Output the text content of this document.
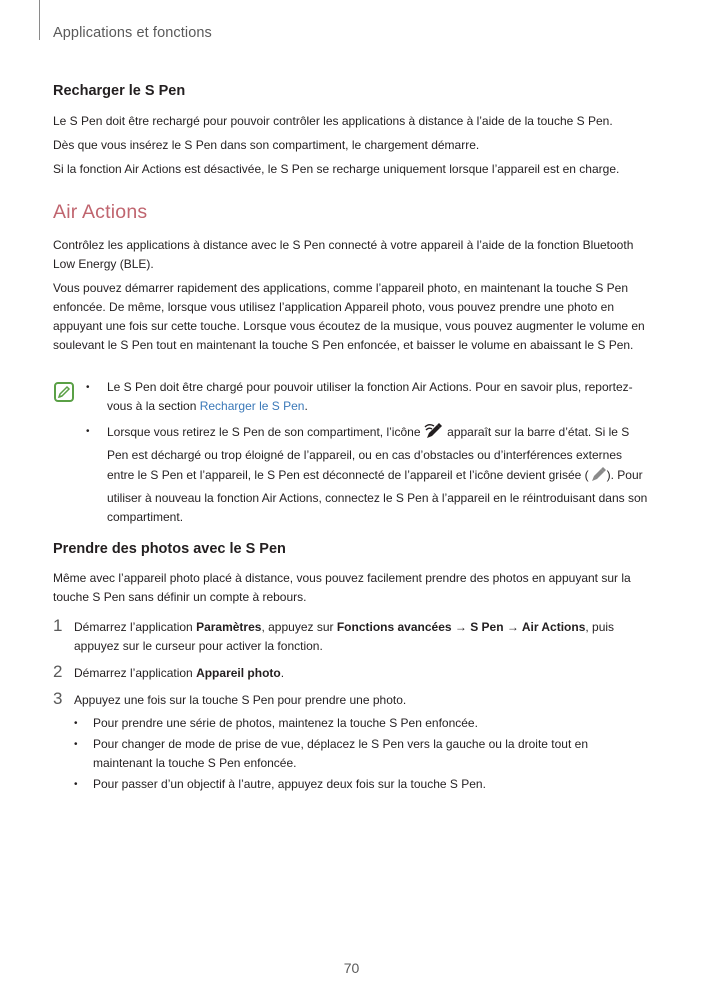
Applications et fonctions
Recharger le S Pen

Le S Pen doit être rechargé pour pouvoir contrôler les applications à distance à l’aide de la touche S Pen.

Dès que vous insérez le S Pen dans son compartiment, le chargement démarre.

Si la fonction Air Actions est désactivée, le S Pen se recharge uniquement lorsque l’appareil est en charge.

Air Actions

Contrôlez les applications à distance avec le S Pen connecté à votre appareil à l’aide de la fonction Bluetooth Low Energy (BLE).

Vous pouvez démarrer rapidement des applications, comme l’appareil photo, en maintenant la touche S Pen enfoncée. De même, lorsque vous utilisez l’application Appareil photo, vous pouvez prendre une photo en appuyant une fois sur cette touche. Lorsque vous écoutez de la musique, vous pouvez augmenter le volume en soulevant le S Pen tout en maintenant la touche S Pen enfoncée, et baisser le volume en abaissant le S Pen.

• Le S Pen doit être chargé pour pouvoir utiliser la fonction Air Actions. Pour en savoir plus, reportez-vous à la section Recharger le S Pen.
• Lorsque vous retirez le S Pen de son compartiment, l’icône  apparaît sur la barre d’état. Si le S Pen est déchargé ou trop éloigné de l’appareil, ou en cas d’obstacles ou d’interférences externes entre le S Pen et l’appareil, le S Pen est déconnecté de l’appareil et l’icône devient grisée ( ). Pour utiliser à nouveau la fonction Air Actions, connectez le S Pen à l’appareil en le réintroduisant dans son compartiment.
Prendre des photos avec le S Pen

Même avec l’appareil photo placé à distance, vous pouvez facilement prendre des photos en appuyant sur la touche S Pen sans définir un compte à rebours.

1 Démarrez l’application Paramètres, appuyez sur Fonctions avancées → S Pen → Air Actions, puis appuyez sur le curseur pour activer la fonction.
2 Démarrez l’application Appareil photo.
3 Appuyez une fois sur la touche S Pen pour prendre une photo.
• Pour prendre une série de photos, maintenez la touche S Pen enfoncée.
• Pour changer de mode de prise de vue, déplacez le S Pen vers la gauche ou la droite tout en maintenant la touche S Pen enfoncée.
• Pour passer d’un objectif à l’autre, appuyez deux fois sur la touche S Pen.
70
